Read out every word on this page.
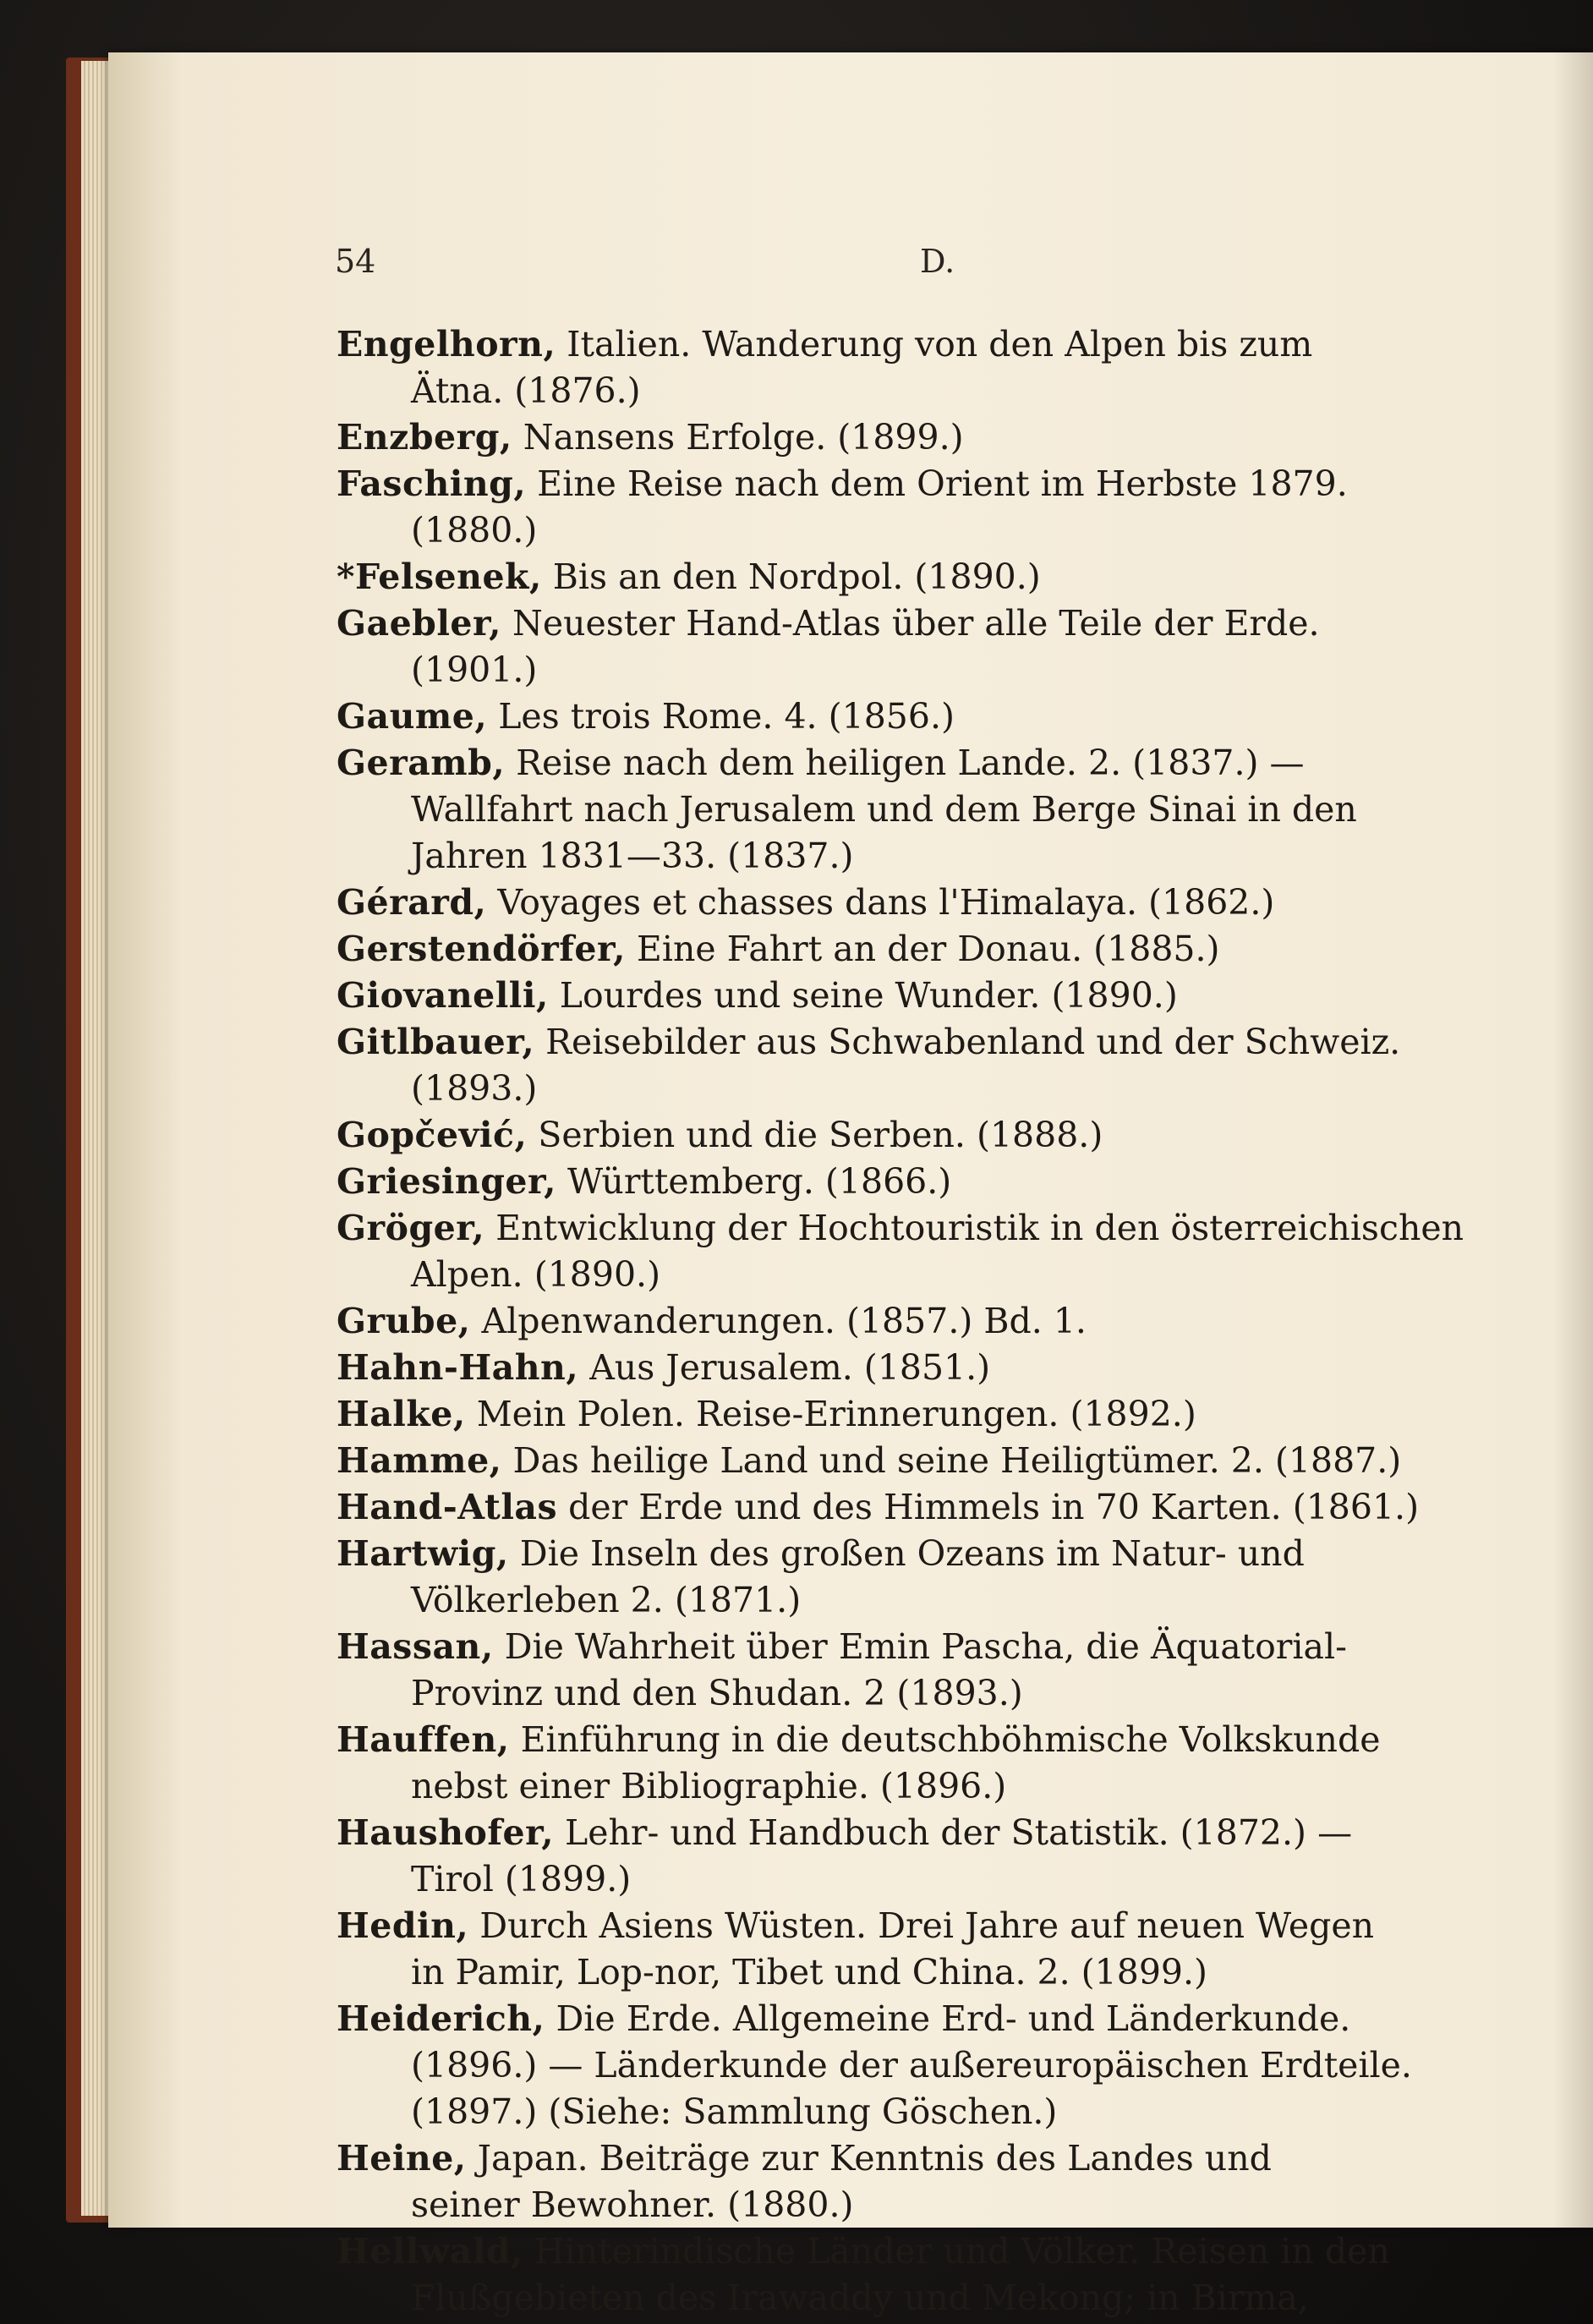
54	D.
Engelhorn, Italien. Wanderung von den Alpen bis zum
Ätna. (1876.)
Enzberg, Nansens Erfolge. (1899.)
Fasching, Eine Reise nach dem Orient im Herbste 1879.
(1880.)
*Felsenek, Bis an den Nordpol. (1890.)
Gaebler, Neuester Hand-Atlas über alle Teile der Erde.
(1901.)
Gaume, Les trois Rome. 4. (1856.)
Geramb, Reise nach dem heiligen Lande. 2. (1837.) —
Wallfahrt nach Jerusalem und dem Berge Sinai in den
Jahren 1831—33. (1837.)
Gérard, Voyages et chasses dans l'Himalaya. (1862.)
Gerstendörfer, Eine Fahrt an der Donau. (1885.)
Giovanelli, Lourdes und seine Wunder. (1890.)
Gitlbauer, Reisebilder aus Schwabenland und der Schweiz.
(1893.)
Gopčević, Serbien und die Serben. (1888.)
Griesinger, Württemberg. (1866.)
Gröger, Entwicklung der Hochtouristik in den österreichischen
Alpen. (1890.)
Grube, Alpenwanderungen. (1857.) Bd. 1.
Hahn-Hahn, Aus Jerusalem. (1851.)
Halke, Mein Polen. Reise-Erinnerungen. (1892.)
Hamme, Das heilige Land und seine Heiligtümer. 2. (1887.)
Hand-Atlas der Erde und des Himmels in 70 Karten. (1861.)
Hartwig, Die Inseln des großen Ozeans im Natur- und
Völkerleben 2. (1871.)
Hassan, Die Wahrheit über Emin Pascha, die Äquatorial-
Provinz und den Shudan. 2 (1893.)
Hauffen, Einführung in die deutschböhmische Volkskunde
nebst einer Bibliographie. (1896.)
Haushofer, Lehr- und Handbuch der Statistik. (1872.) —
Tirol (1899.)
Hedin, Durch Asiens Wüsten. Drei Jahre auf neuen Wegen
in Pamir, Lop-nor, Tibet und China. 2. (1899.)
Heiderich, Die Erde. Allgemeine Erd- und Länderkunde.
(1896.) — Länderkunde der außereuropäischen Erdteile.
(1897.) (Siehe: Sammlung Göschen.)
Heine, Japan. Beiträge zur Kenntnis des Landes und
seiner Bewohner. (1880.)
Hellwald, Hinterindische Länder und Völker. Reisen in den
Flußgebieten des Irawaddy und Mekong; in Birma,
